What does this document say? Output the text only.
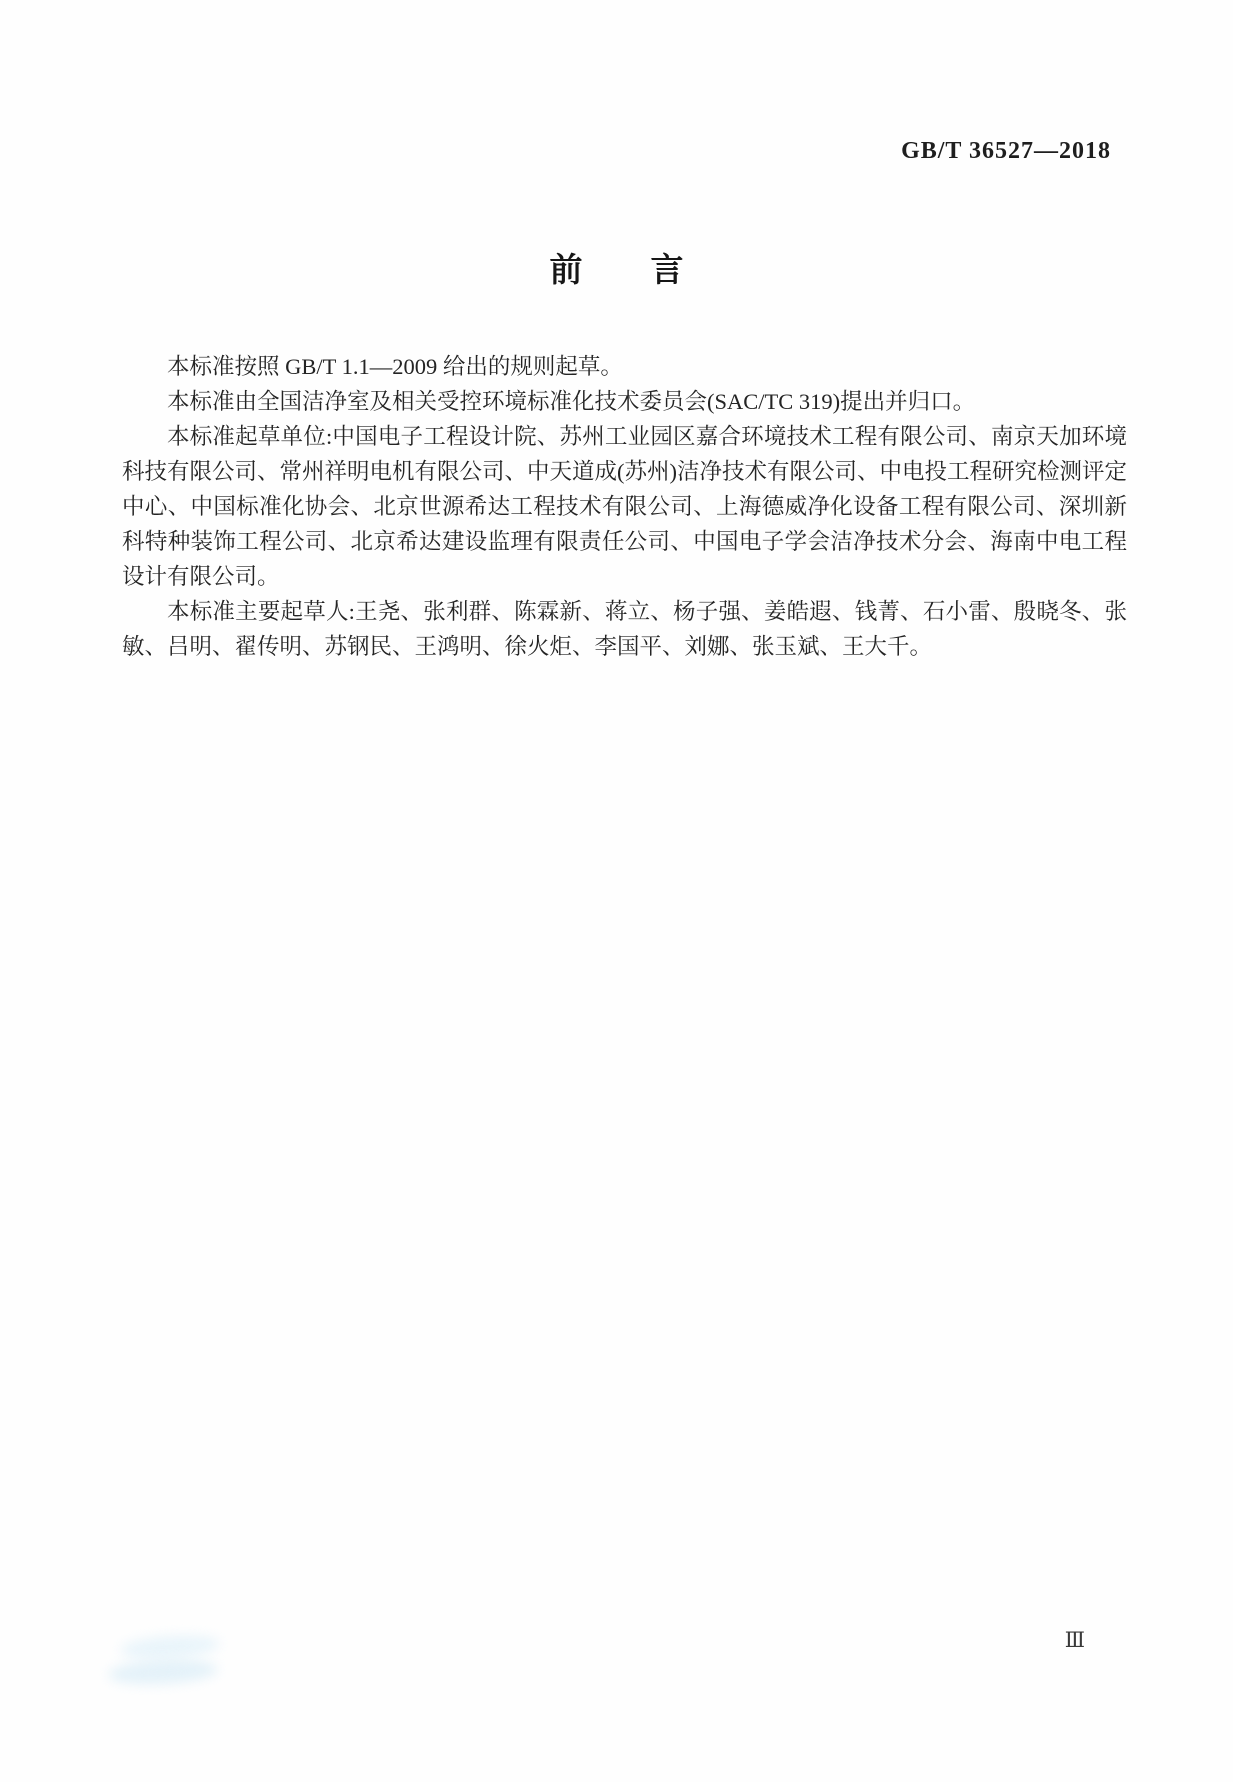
GB/T 36527—2018
前言

本标准按照 GB/T 1.1—2009 给出的规则起草。

本标准由全国洁净室及相关受控环境标准化技术委员会(SAC/TC 319)提出并归口。

本标准起草单位:中国电子工程设计院、苏州工业园区嘉合环境技术工程有限公司、南京天加环境科技有限公司、常州祥明电机有限公司、中天道成(苏州)洁净技术有限公司、中电投工程研究检测评定中心、中国标准化协会、北京世源希达工程技术有限公司、上海德威净化设备工程有限公司、深圳新科特种装饰工程公司、北京希达建设监理有限责任公司、中国电子学会洁净技术分会、海南中电工程设计有限公司。

本标准主要起草人:王尧、张利群、陈霖新、蒋立、杨子强、姜皓遐、钱菁、石小雷、殷晓冬、张敏、吕明、翟传明、苏钢民、王鸿明、徐火炬、李国平、刘娜、张玉斌、王大千。

Ⅲ
